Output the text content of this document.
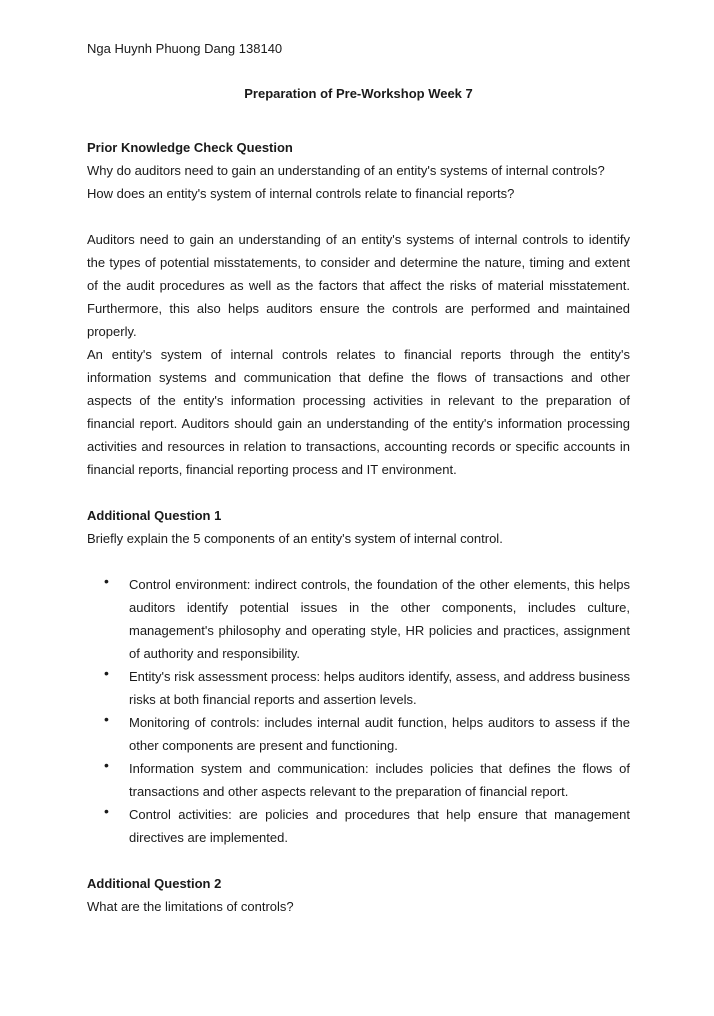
Nga Huynh Phuong Dang 138140
Preparation of Pre-Workshop Week 7

Prior Knowledge Check Question

Why do auditors need to gain an understanding of an entity's systems of internal controls? How does an entity's system of internal controls relate to financial reports?

Auditors need to gain an understanding of an entity's systems of internal controls to identify the types of potential misstatements, to consider and determine the nature, timing and extent of the audit procedures as well as the factors that affect the risks of material misstatement. Furthermore, this also helps auditors ensure the controls are performed and maintained properly.

An entity's system of internal controls relates to financial reports through the entity's information systems and communication that define the flows of transactions and other aspects of the entity's information processing activities in relevant to the preparation of financial report. Auditors should gain an understanding of the entity's information processing activities and resources in relation to transactions, accounting records or specific accounts in financial reports, financial reporting process and IT environment.

Additional Question 1

Briefly explain the 5 components of an entity's system of internal control.

• Control environment: indirect controls, the foundation of the other elements, this helps auditors identify potential issues in the other components, includes culture, management's philosophy and operating style, HR policies and practices, assignment of authority and responsibility.
• Entity's risk assessment process: helps auditors identify, assess, and address business risks at both financial reports and assertion levels.
• Monitoring of controls: includes internal audit function, helps auditors to assess if the other components are present and functioning.
• Information system and communication: includes policies that defines the flows of transactions and other aspects relevant to the preparation of financial report.
• Control activities: are policies and procedures that help ensure that management directives are implemented.

Additional Question 2

What are the limitations of controls?
